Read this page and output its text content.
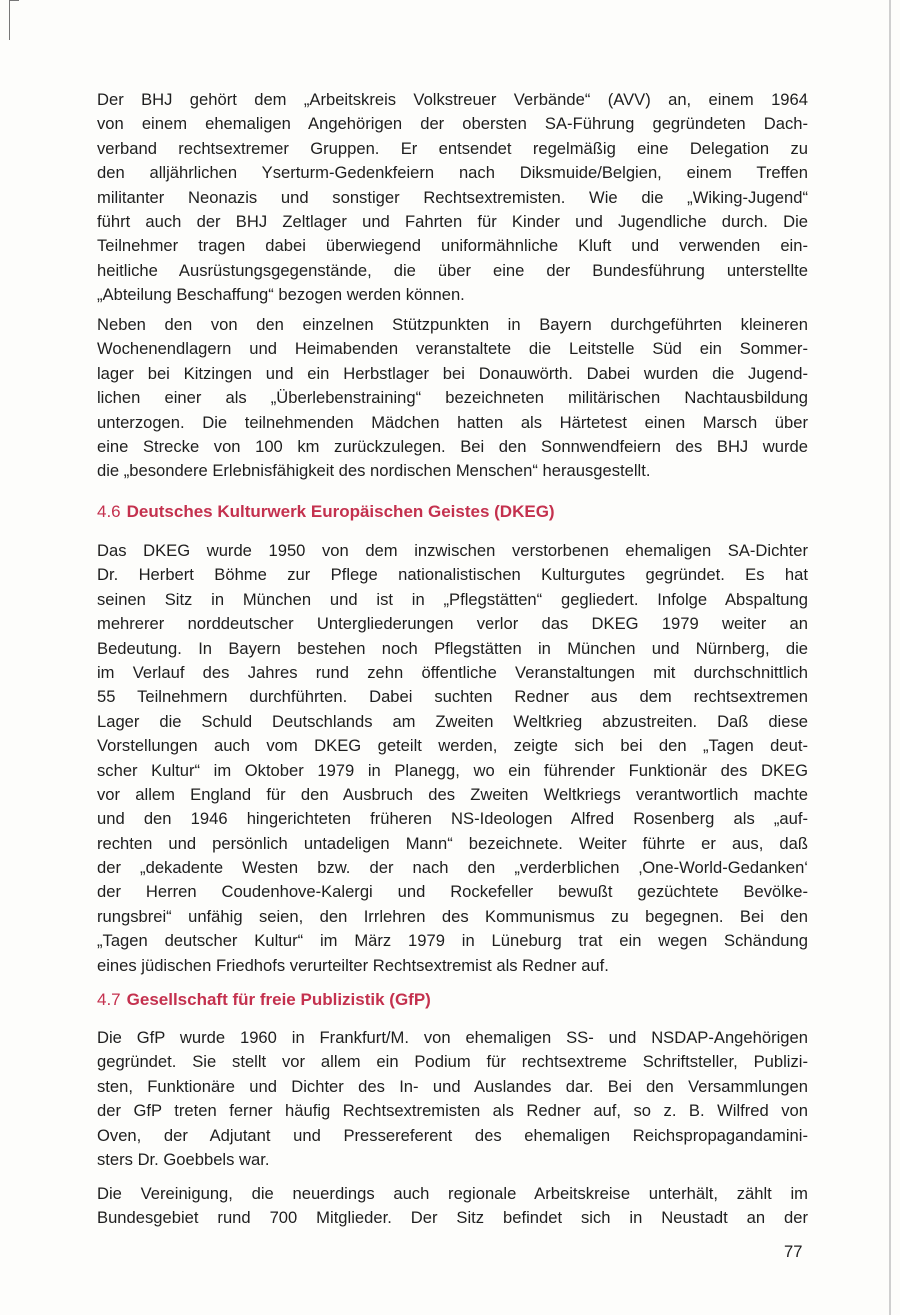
Der BHJ gehört dem „Arbeitskreis Volkstreuer Verbände“ (AVV) an, einem 1964
von einem ehemaligen Angehörigen der obersten SA-Führung gegründeten Dach-
verband rechtsextremer Gruppen. Er entsendet regelmäßig eine Delegation zu
den alljährlichen Yserturm-Gedenkfeiern nach Diksmuide/Belgien, einem Treffen
militanter Neonazis und sonstiger Rechtsextremisten. Wie die „Wiking-Jugend“
führt auch der BHJ Zeltlager und Fahrten für Kinder und Jugendliche durch. Die
Teilnehmer tragen dabei überwiegend uniformähnliche Kluft und verwenden ein-
heitliche Ausrüstungsgegenstände, die über eine der Bundesführung unterstellte
„Abteilung Beschaffung“ bezogen werden können.
Neben den von den einzelnen Stützpunkten in Bayern durchgeführten kleineren
Wochenendlagern und Heimabenden veranstaltete die Leitstelle Süd ein Sommer-
lager bei Kitzingen und ein Herbstlager bei Donauwörth. Dabei wurden die Jugend-
lichen einer als „Überlebenstraining“ bezeichneten militärischen Nachtausbildung
unterzogen. Die teilnehmenden Mädchen hatten als Härtetest einen Marsch über
eine Strecke von 100 km zurückzulegen. Bei den Sonnwendfeiern des BHJ wurde
die „besondere Erlebnisfähigkeit des nordischen Menschen“ herausgestellt.
4.6 Deutsches Kulturwerk Europäischen Geistes (DKEG)
Das DKEG wurde 1950 von dem inzwischen verstorbenen ehemaligen SA-Dichter
Dr. Herbert Böhme zur Pflege nationalistischen Kulturgutes gegründet. Es hat
seinen Sitz in München und ist in „Pflegstätten“ gegliedert. Infolge Abspaltung
mehrerer norddeutscher Untergliederungen verlor das DKEG 1979 weiter an
Bedeutung. In Bayern bestehen noch Pflegstätten in München und Nürnberg, die
im Verlauf des Jahres rund zehn öffentliche Veranstaltungen mit durchschnittlich
55 Teilnehmern durchführten. Dabei suchten Redner aus dem rechtsextremen
Lager die Schuld Deutschlands am Zweiten Weltkrieg abzustreiten. Daß diese
Vorstellungen auch vom DKEG geteilt werden, zeigte sich bei den „Tagen deut-
scher Kultur“ im Oktober 1979 in Planegg, wo ein führender Funktionär des DKEG
vor allem England für den Ausbruch des Zweiten Weltkriegs verantwortlich machte
und den 1946 hingerichteten früheren NS-Ideologen Alfred Rosenberg als „auf-
rechten und persönlich untadeligen Mann“ bezeichnete. Weiter führte er aus, daß
der „dekadente Westen bzw. der nach den „verderblichen ‚One-World-Gedanken‘
der Herren Coudenhove-Kalergi und Rockefeller bewußt gezüchtete Bevölke-
rungsbrei“ unfähig seien, den Irrlehren des Kommunismus zu begegnen. Bei den
„Tagen deutscher Kultur“ im März 1979 in Lüneburg trat ein wegen Schändung
eines jüdischen Friedhofs verurteilter Rechtsextremist als Redner auf.
4.7 Gesellschaft für freie Publizistik (GfP)
Die GfP wurde 1960 in Frankfurt/M. von ehemaligen SS- und NSDAP-Angehörigen
gegründet. Sie stellt vor allem ein Podium für rechtsextreme Schriftsteller, Publizi-
sten, Funktionäre und Dichter des In- und Auslandes dar. Bei den Versammlungen
der GfP treten ferner häufig Rechtsextremisten als Redner auf, so z. B. Wilfred von
Oven, der Adjutant und Pressereferent des ehemaligen Reichspropagandamini-
sters Dr. Goebbels war.
Die Vereinigung, die neuerdings auch regionale Arbeitskreise unterhält, zählt im
Bundesgebiet rund 700 Mitglieder. Der Sitz befindet sich in Neustadt an der
77
